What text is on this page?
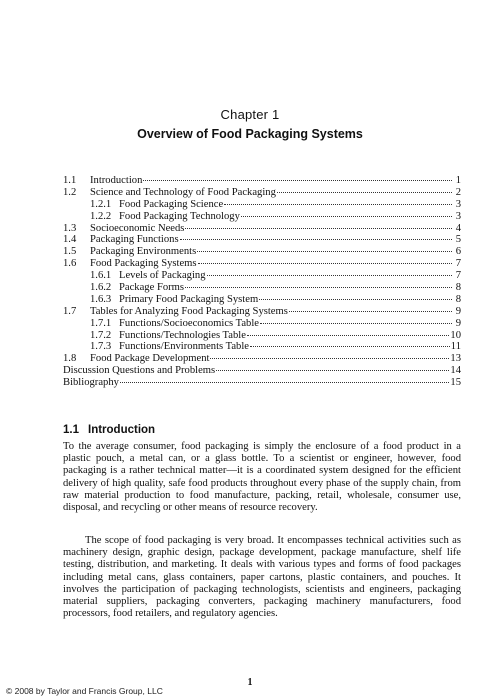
Chapter 1
Overview of Food Packaging Systems
1.1	Introduction	1
1.2	Science and Technology of Food Packaging	2
1.2.1 Food Packaging Science	3
1.2.2 Food Packaging Technology	3
1.3	Socioeconomic Needs	4
1.4	Packaging Functions	5
1.5	Packaging Environments	6
1.6	Food Packaging Systems	7
1.6.1 Levels of Packaging	7
1.6.2 Package Forms	8
1.6.3 Primary Food Packaging System	8
1.7	Tables for Analyzing Food Packaging Systems	9
1.7.1 Functions/Socioeconomics Table	9
1.7.2 Functions/Technologies Table	10
1.7.3 Functions/Environments Table	11
1.8	Food Package Development	13
Discussion Questions and Problems	14
Bibliography	15
1.1 Introduction

To the average consumer, food packaging is simply the enclosure of a food product in a plastic pouch, a metal can, or a glass bottle. To a scientist or engineer, however, food packaging is a rather technical matter—it is a coordinated system designed for the efficient delivery of high quality, safe food products throughout every phase of the supply chain, from raw material production to food manufacture, packing, retail, wholesale, consumer use, disposal, and recycling or other means of resource recovery.

The scope of food packaging is very broad. It encompasses technical activities such as machinery design, graphic design, package development, package manufacture, shelf life testing, distribution, and marketing. It deals with various types and forms of food packages including metal cans, glass containers, paper cartons, plastic containers, and pouches. It involves the participation of packaging technologists, scientists and engineers, packaging material suppliers, packaging converters, packaging machinery manufacturers, food processors, food retailers, and regulatory agencies.

1
© 2008 by Taylor and Francis Group, LLC
